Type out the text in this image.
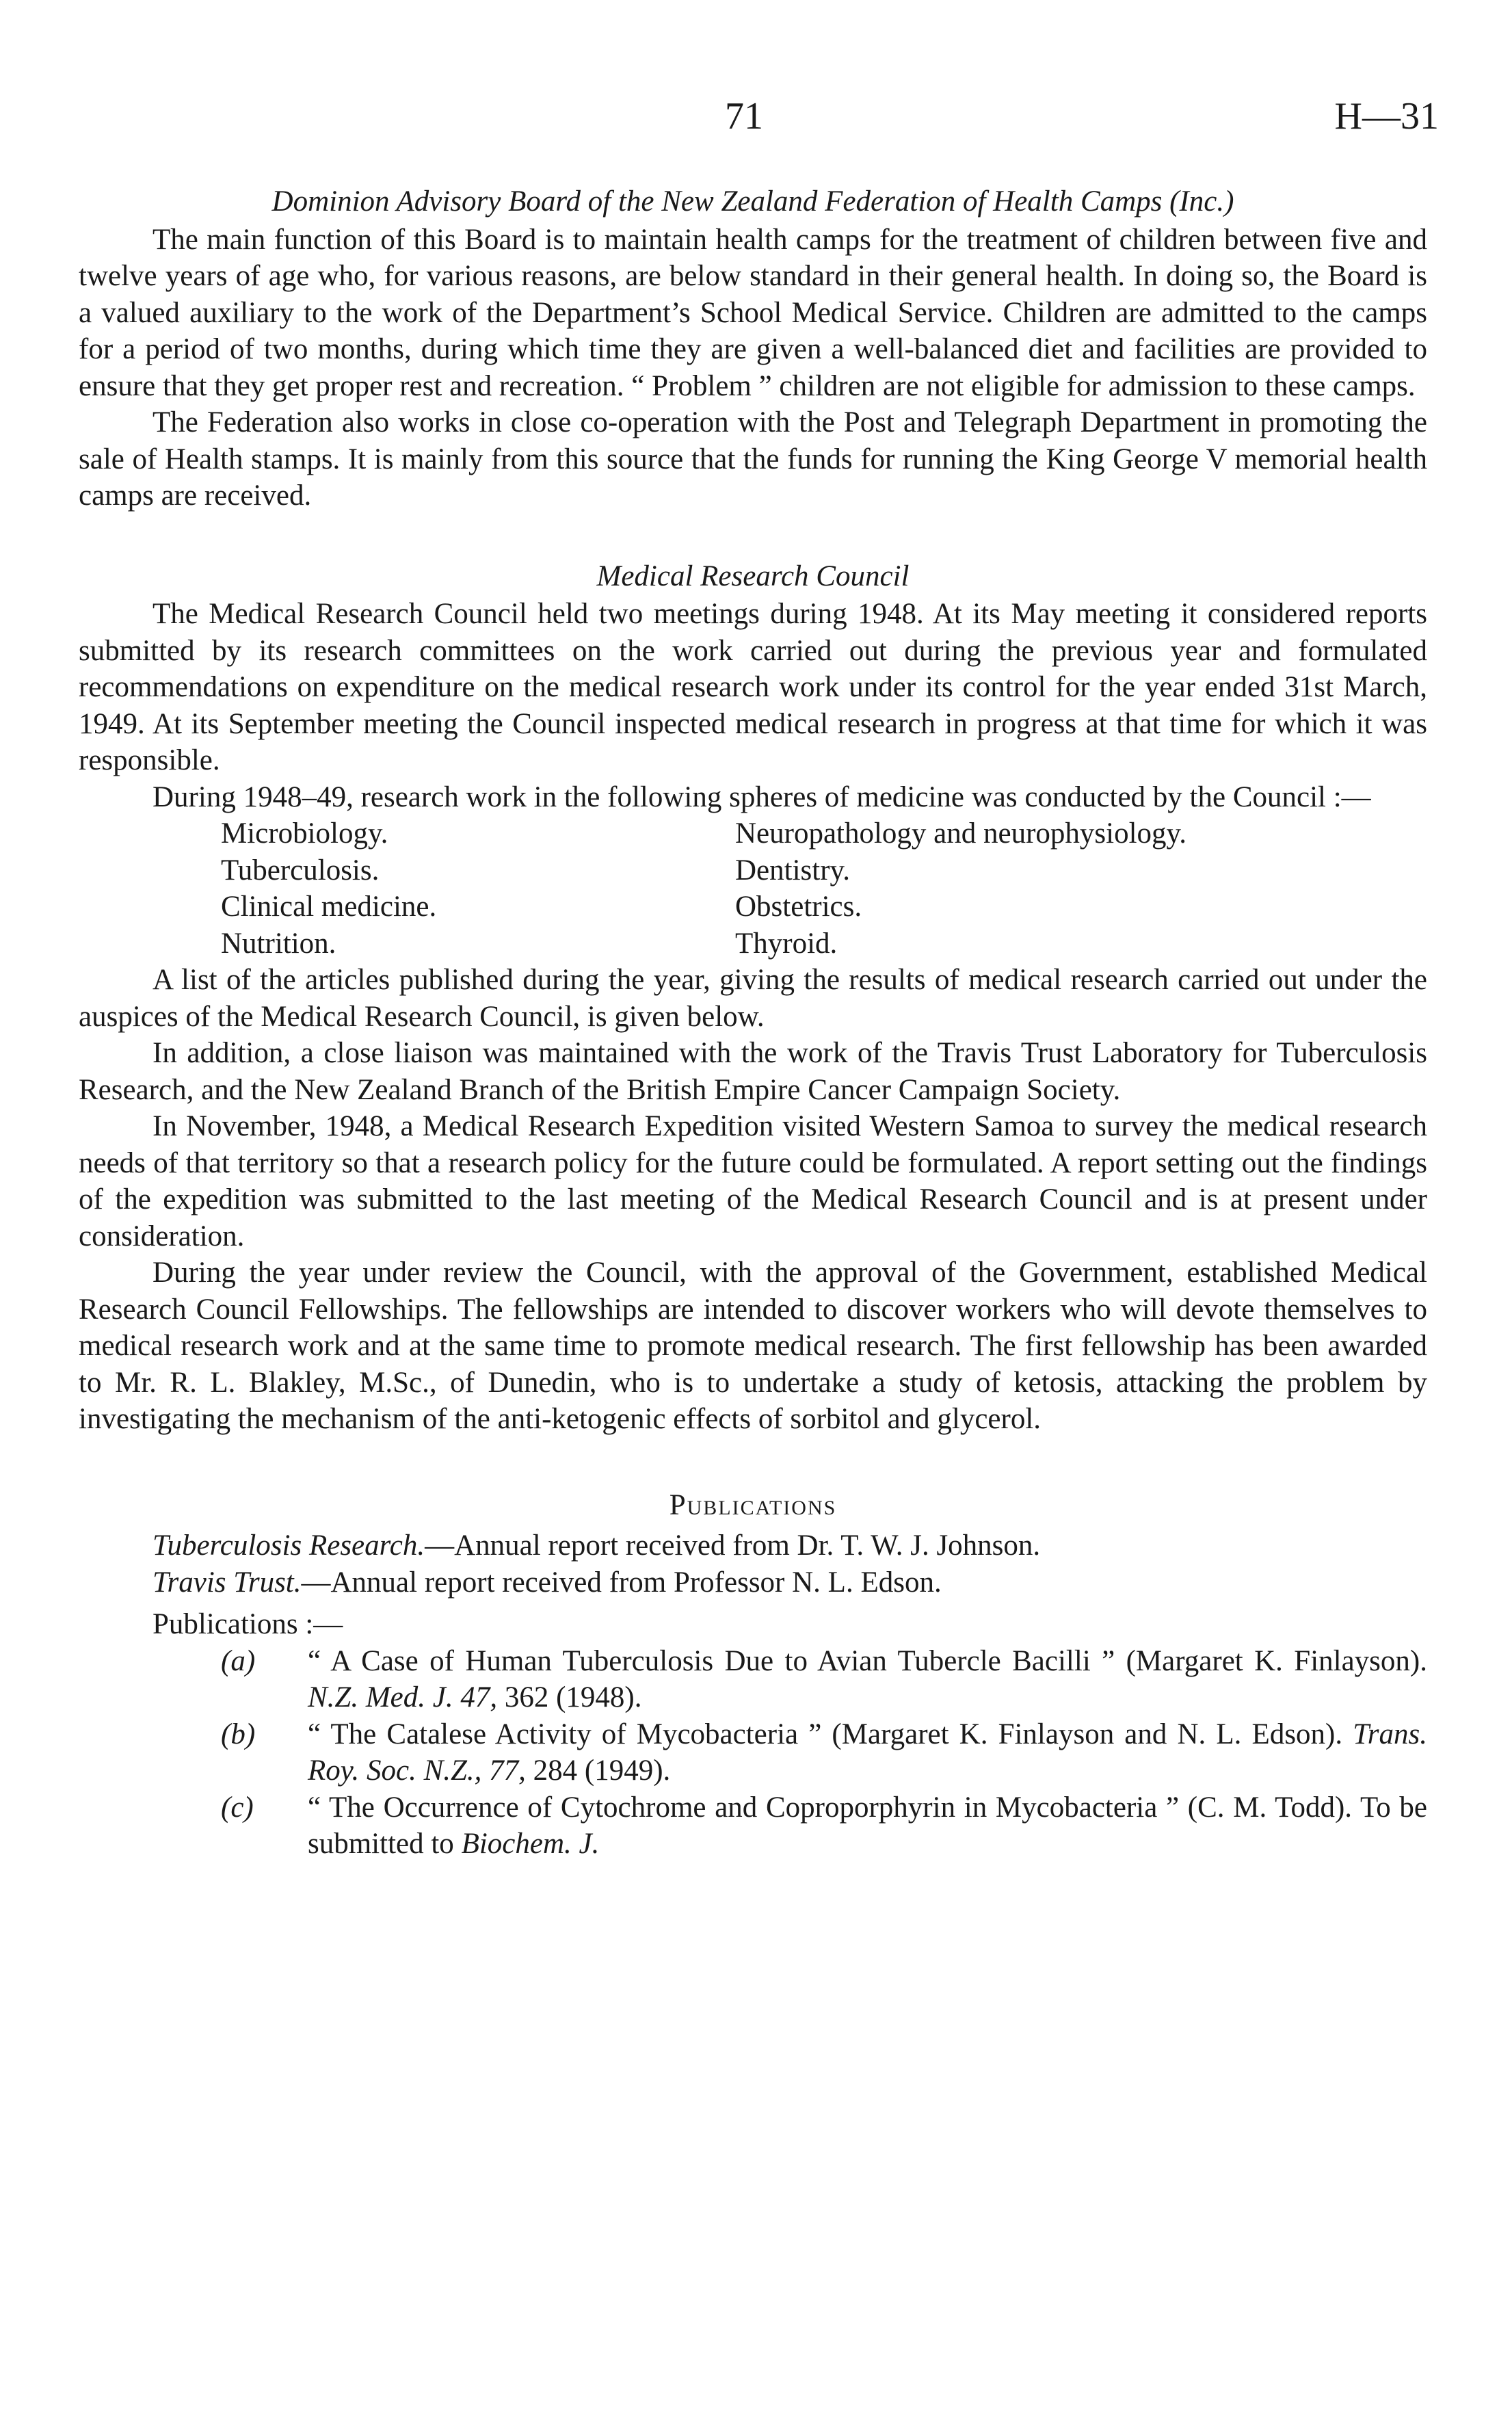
71	H—31
Dominion Advisory Board of the New Zealand Federation of Health Camps (Inc.)

The main function of this Board is to maintain health camps for the treatment of children between five and twelve years of age who, for various reasons, are below standard in their general health. In doing so, the Board is a valued auxiliary to the work of the Department’s School Medical Service. Children are admitted to the camps for a period of two months, during which time they are given a well-balanced diet and facilities are provided to ensure that they get proper rest and recreation. “ Problem ” children are not eligible for admission to these camps.

The Federation also works in close co-operation with the Post and Telegraph Department in promoting the sale of Health stamps. It is mainly from this source that the funds for running the King George V memorial health camps are received.

Medical Research Council

The Medical Research Council held two meetings during 1948. At its May meeting it considered reports submitted by its research committees on the work carried out during the previous year and formulated recommendations on expenditure on the medical research work under its control for the year ended 31st March, 1949. At its September meeting the Council inspected medical research in progress at that time for which it was responsible.

During 1948–49, research work in the following spheres of medicine was conducted by the Council :—

Microbiology.	Neuropathology and neurophysiology.
Tuberculosis.	Dentistry.
Clinical medicine.	Obstetrics.
Nutrition.	Thyroid.

A list of the articles published during the year, giving the results of medical research carried out under the auspices of the Medical Research Council, is given below.

In addition, a close liaison was maintained with the work of the Travis Trust Laboratory for Tuberculosis Research, and the New Zealand Branch of the British Empire Cancer Campaign Society.

In November, 1948, a Medical Research Expedition visited Western Samoa to survey the medical research needs of that territory so that a research policy for the future could be formulated. A report setting out the findings of the expedition was submitted to the last meeting of the Medical Research Council and is at present under consideration.

During the year under review the Council, with the approval of the Government, established Medical Research Council Fellowships. The fellowships are intended to discover workers who will devote themselves to medical research work and at the same time to promote medical research. The first fellowship has been awarded to Mr. R. L. Blakley, M.Sc., of Dunedin, who is to undertake a study of ketosis, attacking the problem by investigating the mechanism of the anti-ketogenic effects of sorbitol and glycerol.

Publications
Tuberculosis Research.—Annual report received from Dr. T. W. J. Johnson.
Travis Trust.—Annual report received from Professor N. L. Edson.
Publications :—
(a) “ A Case of Human Tuberculosis Due to Avian Tubercle Bacilli ” (Margaret K. Finlayson). N.Z. Med. J. 47, 362 (1948).
(b) “ The Catalese Activity of Mycobacteria ” (Margaret K. Finlayson and N. L. Edson). Trans. Roy. Soc. N.Z., 77, 284 (1949).
(c) “ The Occurrence of Cytochrome and Coproporphyrin in Mycobacteria ” (C. M. Todd). To be submitted to Biochem. J.
